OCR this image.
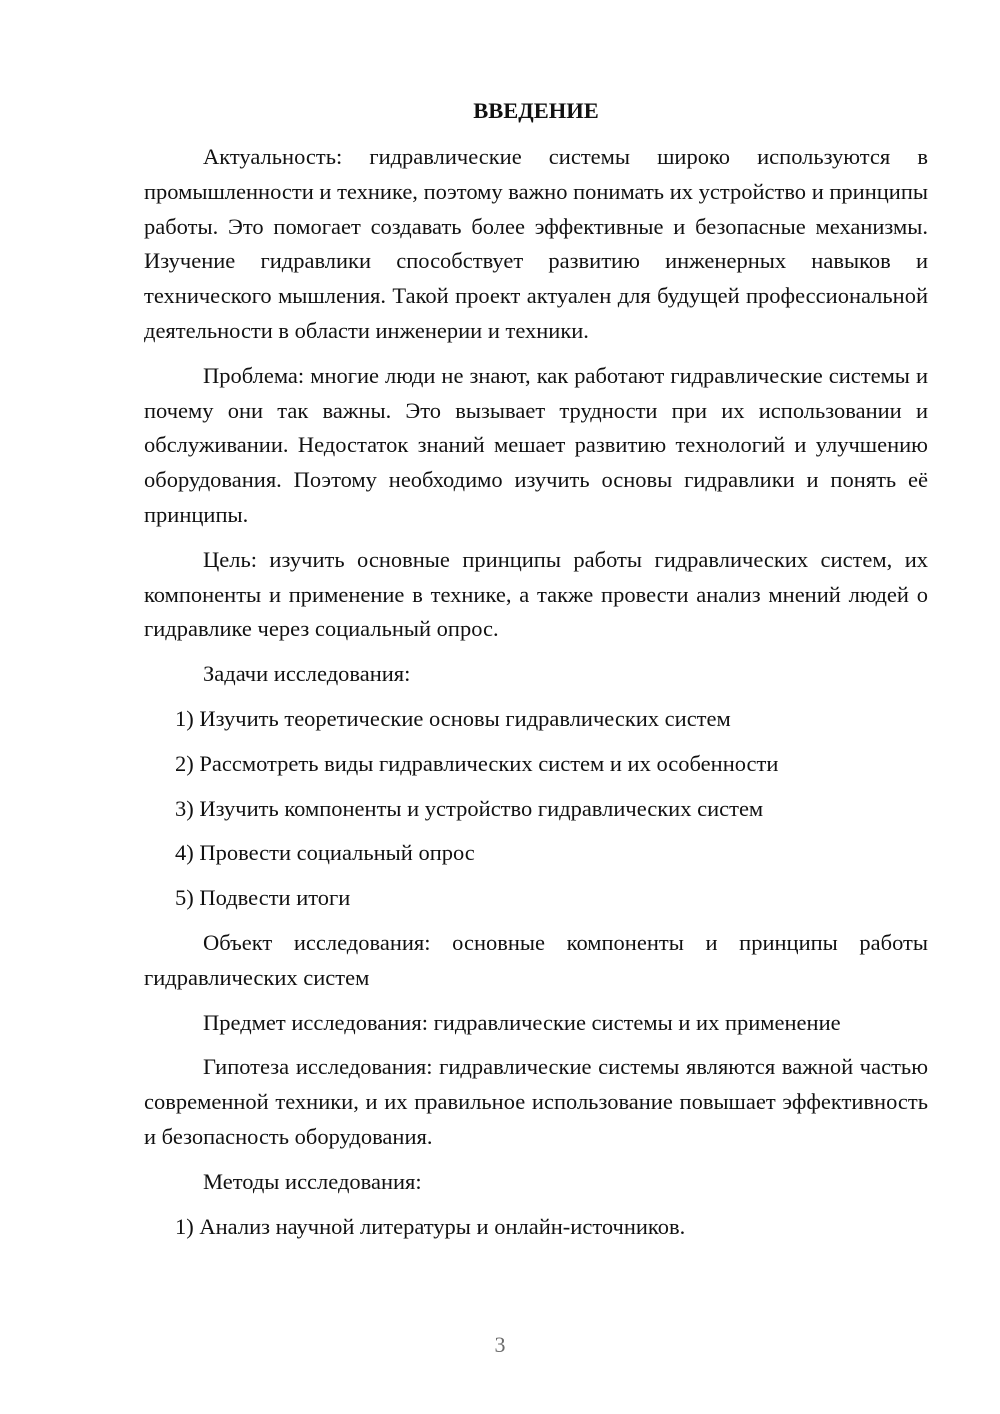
ВВЕДЕНИЕ

Актуальность: гидравлические системы широко используются в промышленности и технике, поэтому важно понимать их устройство и принципы работы. Это помогает создавать более эффективные и безопасные механизмы. Изучение гидравлики способствует развитию инженерных навыков и технического мышления. Такой проект актуален для будущей профессиональной деятельности в области инженерии и техники.

Проблема: многие люди не знают, как работают гидравлические системы и почему они так важны. Это вызывает трудности при их использовании и обслуживании. Недостаток знаний мешает развитию технологий и улучшению оборудования. Поэтому необходимо изучить основы гидравлики и понять её принципы.

Цель: изучить основные принципы работы гидравлических систем, их компоненты и применение в технике, а также провести анализ мнений людей о гидравлике через социальный опрос.

Задачи исследования:

1) Изучить теоретические основы гидравлических систем
2) Рассмотреть виды гидравлических систем и их особенности
3) Изучить компоненты и устройство гидравлических систем
4) Провести социальный опрос
5) Подвести итоги

Объект исследования: основные компоненты и принципы работы гидравлических систем

Предмет исследования: гидравлические системы и их применение

Гипотеза исследования: гидравлические системы являются важной частью современной техники, и их правильное использование повышает эффективность и безопасность оборудования.

Методы исследования:

1) Анализ научной литературы и онлайн-источников.
3
